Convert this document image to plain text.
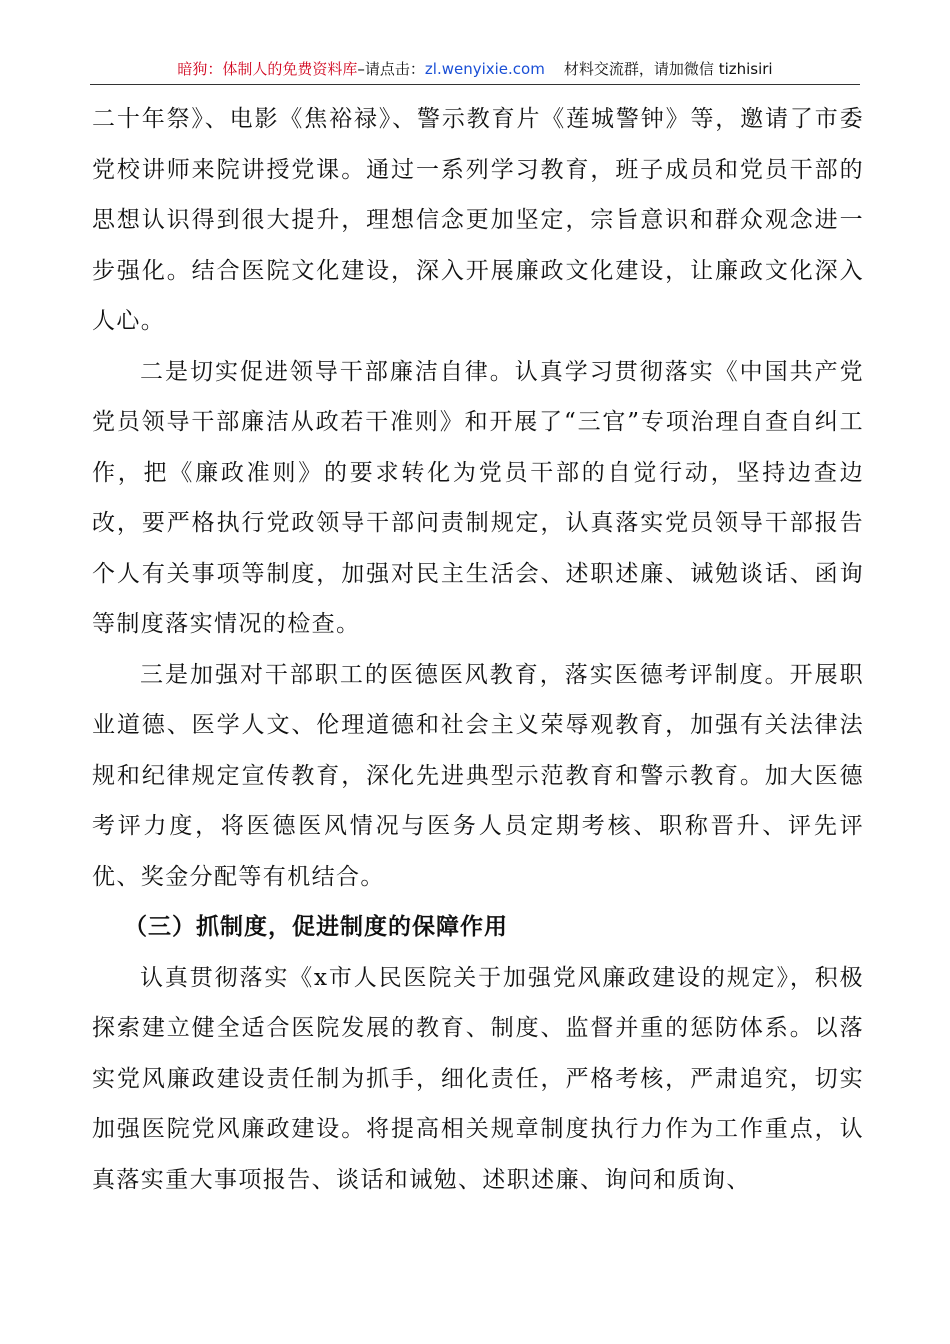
暗狗：体制人的免费资料库–请点击：zl.wenyixie.com 材料交流群，请加微信 tizhisiri

二十年祭》、电影《焦裕禄》、警示教育片《莲城警钟》等，邀请了市委党校讲师来院讲授党课。通过一系列学习教育，班子成员和党员干部的思想认识得到很大提升，理想信念更加坚定，宗旨意识和群众观念进一步强化。结合医院文化建设，深入开展廉政文化建设，让廉政文化深入人心。

二是切实促进领导干部廉洁自律。认真学习贯彻落实《中国共产党党员领导干部廉洁从政若干准则》和开展了“三官”专项治理自查自纠工作，把《廉政准则》的要求转化为党员干部的自觉行动，坚持边查边改，要严格执行党政领导干部问责制规定，认真落实党员领导干部报告个人有关事项等制度，加强对民主生活会、述职述廉、诫勉谈话、函询等制度落实情况的检查。

三是加强对干部职工的医德医风教育，落实医德考评制度。开展职业道德、医学人文、伦理道德和社会主义荣辱观教育，加强有关法律法规和纪律规定宣传教育，深化先进典型示范教育和警示教育。加大医德考评力度，将医德医风情况与医务人员定期考核、职称晋升、评先评优、奖金分配等有机结合。

（三）抓制度，促进制度的保障作用

认真贯彻落实《x市人民医院关于加强党风廉政建设的规定》，积极探索建立健全适合医院发展的教育、制度、监督并重的惩防体系。以落实党风廉政建设责任制为抓手，细化责任，严格考核，严肃追究，切实加强医院党风廉政建设。将提高相关规章制度执行力作为工作重点，认真落实重大事项报告、谈话和诫勉、述职述廉、询问和质询、
